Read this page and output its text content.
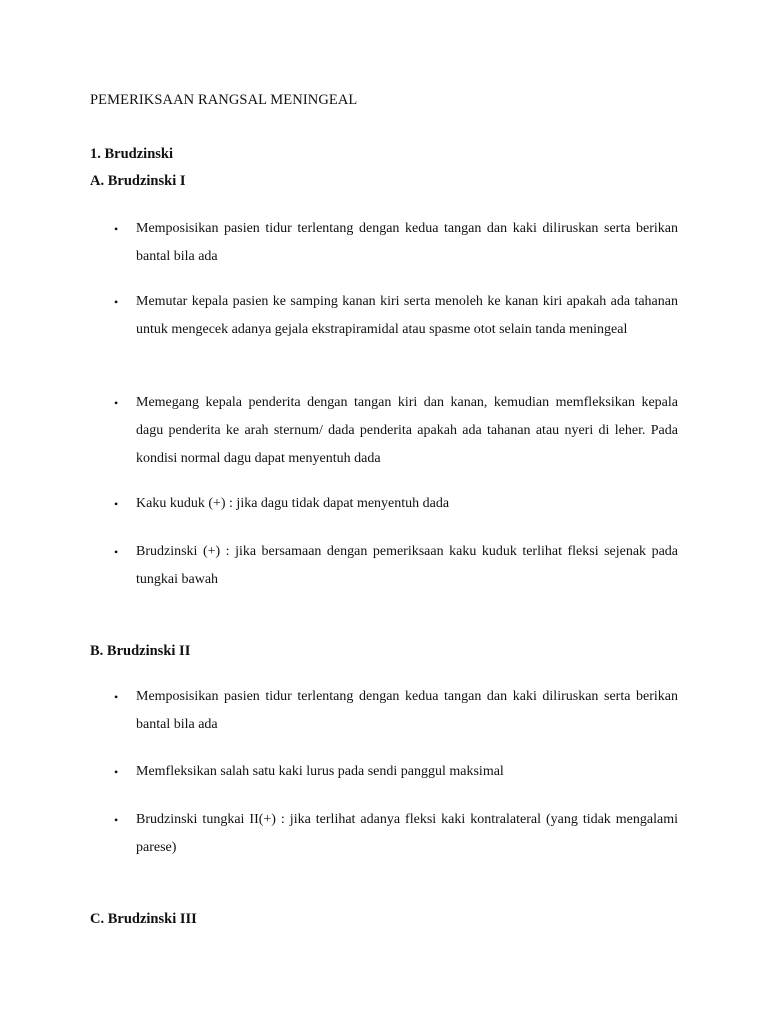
PEMERIKSAAN RANGSAL MENINGEAL

1. Brudzinski

A. Brudzinski I

• Memposisikan pasien tidur terlentang dengan kedua tangan dan kaki diliruskan serta berikan bantal bila ada
• Memutar kepala pasien ke samping kanan kiri serta menoleh ke kanan kiri apakah ada tahanan untuk mengecek adanya gejala ekstrapiramidal atau spasme otot selain tanda meningeal
• Memegang kepala penderita dengan tangan kiri dan kanan, kemudian memfleksikan kepala dagu penderita ke arah sternum/ dada penderita apakah ada tahanan atau nyeri di leher. Pada kondisi normal dagu dapat menyentuh dada
• Kaku kuduk (+) : jika dagu tidak dapat menyentuh dada
• Brudzinski (+) : jika bersamaan dengan pemeriksaan kaku kuduk terlihat fleksi sejenak pada tungkai bawah

B. Brudzinski II

• Memposisikan pasien tidur terlentang dengan kedua tangan dan kaki diliruskan serta berikan bantal bila ada
• Memfleksikan salah satu kaki lurus pada sendi panggul maksimal
• Brudzinski tungkai II(+) : jika terlihat adanya fleksi kaki kontralateral (yang tidak mengalami parese)

C. Brudzinski III
